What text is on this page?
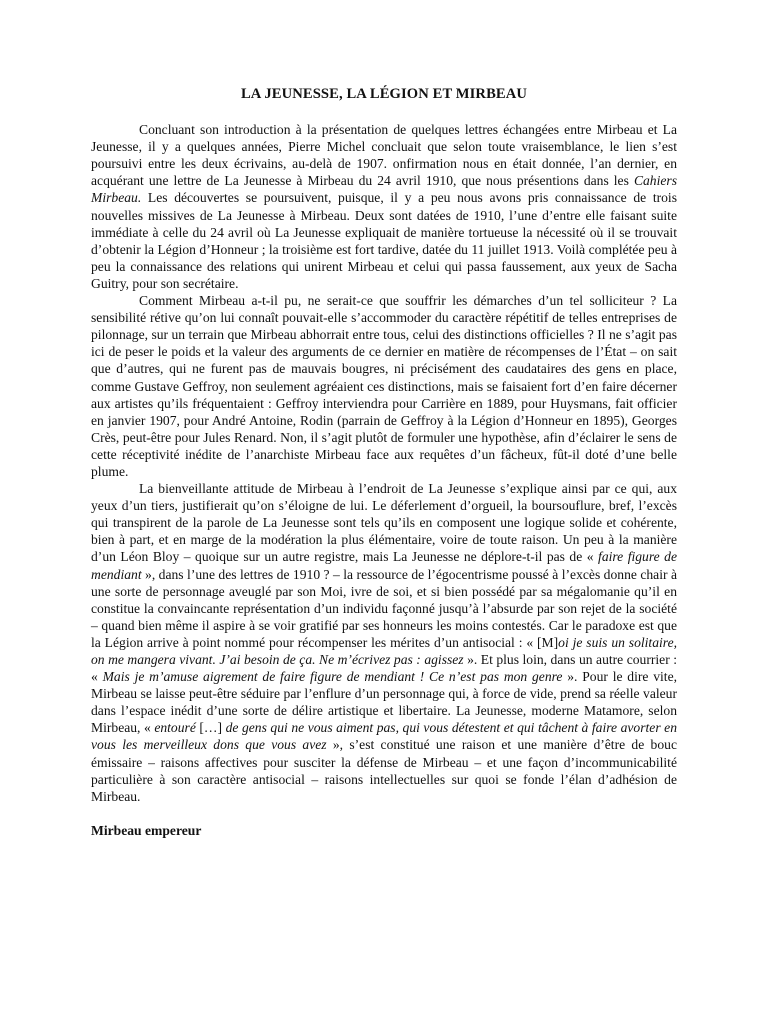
LA JEUNESSE, LA LÉGION ET MIRBEAU

Concluant son introduction à la présentation de quelques lettres échangées entre Mirbeau et La Jeunesse, il y a quelques années, Pierre Michel concluait que selon toute vraisemblance, le lien s’est poursuivi entre les deux écrivains, au-delà de 1907. onfirmation nous en était donnée, l’an dernier, en acquérant une lettre de La Jeunesse à Mirbeau du 24 avril 1910, que nous présentions dans les Cahiers Mirbeau. Les découvertes se poursuivent, puisque, il y a peu nous avons pris connaissance de trois nouvelles missives de La Jeunesse à Mirbeau. Deux sont datées de 1910, l’une d’entre elle faisant suite immédiate à celle du 24 avril où La Jeunesse expliquait de manière tortueuse la nécessité où il se trouvait d’obtenir la Légion d’Honneur ; la troisième est fort tardive, datée du 11 juillet 1913. Voilà complétée peu à peu la connaissance des relations qui unirent Mirbeau et celui qui passa faussement, aux yeux de Sacha Guitry, pour son secrétaire.

Comment Mirbeau a-t-il pu, ne serait-ce que souffrir les démarches d’un tel solliciteur ? La sensibilité rétive qu’on lui connaît pouvait-elle s’accommoder du caractère répétitif de telles entreprises de pilonnage, sur un terrain que Mirbeau abhorrait entre tous, celui des distinctions officielles ? Il ne s’agit pas ici de peser le poids et la valeur des arguments de ce dernier en matière de récompenses de l’État – on sait que d’autres, qui ne furent pas de mauvais bougres, ni précisément des caudataires des gens en place, comme Gustave Geffroy, non seulement agréaient ces distinctions, mais se faisaient fort d’en faire décerner aux artistes qu’ils fréquentaient : Geffroy interviendra pour Carrière en 1889, pour Huysmans, fait officier en janvier 1907, pour André Antoine, Rodin (parrain de Geffroy à la Légion d’Honneur en 1895), Georges Crès, peut-être pour Jules Renard. Non, il s’agit plutôt de formuler une hypothèse, afin d’éclairer le sens de cette réceptivité inédite de l’anarchiste Mirbeau face aux requêtes d’un fâcheux, fût-il doté d’une belle plume.

La bienveillante attitude de Mirbeau à l’endroit de La Jeunesse s’explique ainsi par ce qui, aux yeux d’un tiers, justifierait qu’on s’éloigne de lui. Le déferlement d’orgueil, la boursouflure, bref, l’excès qui transpirent de la parole de La Jeunesse sont tels qu’ils en composent une logique solide et cohérente, bien à part, et en marge de la modération la plus élémentaire, voire de toute raison. Un peu à la manière d’un Léon Bloy – quoique sur un autre registre, mais La Jeunesse ne déplore-t-il pas de « faire figure de mendiant », dans l’une des lettres de 1910 ? – la ressource de l’égocentrisme poussé à l’excès donne chair à une sorte de personnage aveuglé par son Moi, ivre de soi, et si bien possédé par sa mégalomanie qu’il en constitue la convaincante représentation d’un individu façonné jusqu’à l’absurde par son rejet de la société – quand bien même il aspire à se voir gratifié par ses honneurs les moins contestés. Car le paradoxe est que la Légion arrive à point nommé pour récompenser les mérites d’un antisocial : « [M]oi je suis un solitaire, on me mangera vivant. J’ai besoin de ça. Ne m’écrivez pas : agissez ». Et plus loin, dans un autre courrier : « Mais je m’amuse aigrement de faire figure de mendiant ! Ce n’est pas mon genre ». Pour le dire vite, Mirbeau se laisse peut-être séduire par l’enflure d’un personnage qui, à force de vide, prend sa réelle valeur dans l’espace inédit d’une sorte de délire artistique et libertaire. La Jeunesse, moderne Matamore, selon Mirbeau, « entouré […] de gens qui ne vous aiment pas, qui vous détestent et qui tâchent à faire avorter en vous les merveilleux dons que vous avez », s’est constitué une raison et une manière d’être de bouc émissaire – raisons affectives pour susciter la défense de Mirbeau – et une façon d’incommunicabilité particulière à son caractère antisocial – raisons intellectuelles sur quoi se fonde l’élan d’adhésion de Mirbeau.

Mirbeau empereur
